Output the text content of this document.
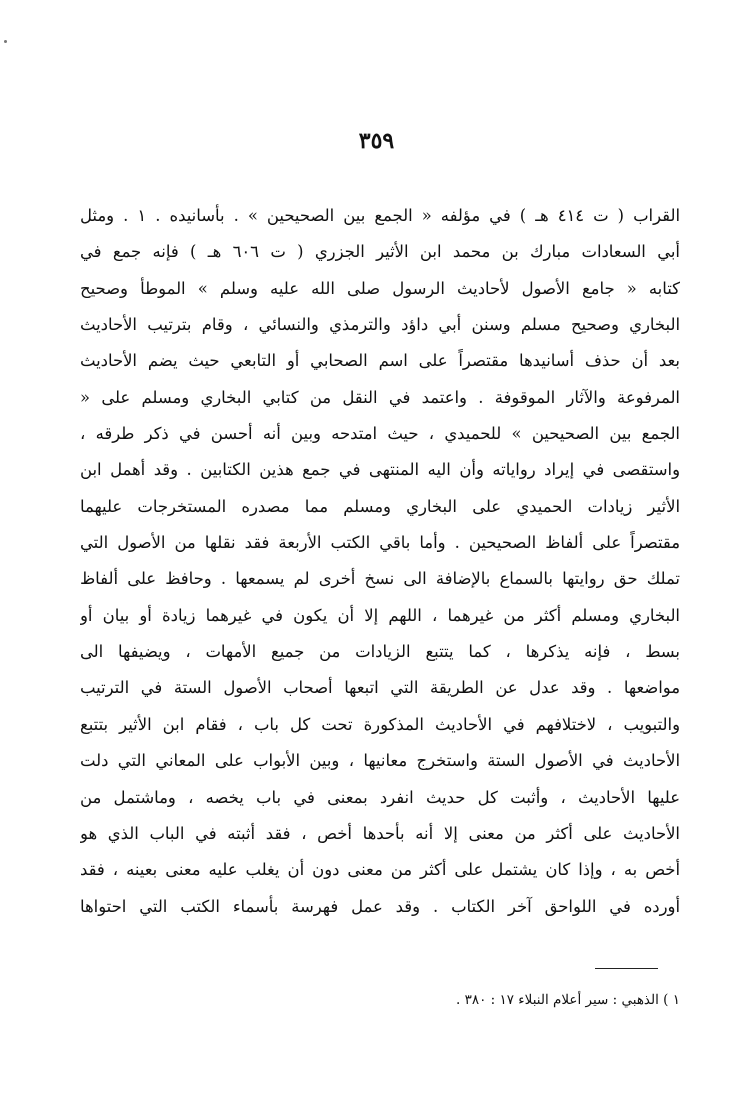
٣٥٩
القراب ( ت ٤١٤ هـ ) في مؤلفه « الجمع بين الصحيحين » . بأسانيده . ١ . ومثل
أبي السعادات مبارك بن محمد ابن الأثير الجزري ( ت ٦٠٦ هـ ) فإنه جمع في
كتابه « جامع الأصول لأحاديث الرسول صلى الله عليه وسلم » الموطأ وصحيح
البخاري وصحيح مسلم وسنن أبي داؤد والترمذي والنسائي ، وقام بترتيب الأحاديث
بعد أن حذف أسانيدها مقتصراً على اسم الصحابي أو التابعي حيث يضم الأحاديث
المرفوعة والآثار الموقوفة . واعتمد في النقل من كتابي البخاري ومسلم على «
الجمع بين الصحيحين » للحميدي ، حيث امتدحه وبين أنه أحسن في ذكر طرقه ،
واستقصى في إيراد رواياته وأن اليه المنتهى في جمع هذين الكتابين . وقد أهمل ابن
الأثير زيادات الحميدي على البخاري ومسلم مما مصدره المستخرجات عليهما
مقتصراً على ألفاظ الصحيحين . وأما باقي الكتب الأربعة فقد نقلها من الأصول التي
تملك حق روايتها بالسماع بالإضافة الى نسخ أخرى لم يسمعها . وحافظ على ألفاظ
البخاري ومسلم أكثر من غيرهما ، اللهم إلا أن يكون في غيرهما زيادة أو بيان أو
بسط ، فإنه يذكرها ، كما يتتبع الزيادات من جميع الأمهات ، ويضيفها الى
مواضعها . وقد عدل عن الطريقة التي اتبعها أصحاب الأصول الستة في الترتيب
والتبويب ، لاختلافهم في الأحاديث المذكورة تحت كل باب ، فقام ابن الأثير بتتبع
الأحاديث في الأصول الستة واستخرج معانيها ، وبين الأبواب على المعاني التي دلت
عليها الأحاديث ، وأثبت كل حديث انفرد بمعنى في باب يخصه ، وماشتمل من
الأحاديث على أكثر من معنى إلا أنه بأحدها أخص ، فقد أثبته في الباب الذي هو
أخص به ، وإذا كان يشتمل على أكثر من معنى دون أن يغلب عليه معنى بعينه ، فقد
أورده في اللواحق آخر الكتاب . وقد عمل فهرسة بأسماء الكتب التي احتواها
١ ) الذهبي : سير أعلام النبلاء ١٧ : ٣٨٠ .
